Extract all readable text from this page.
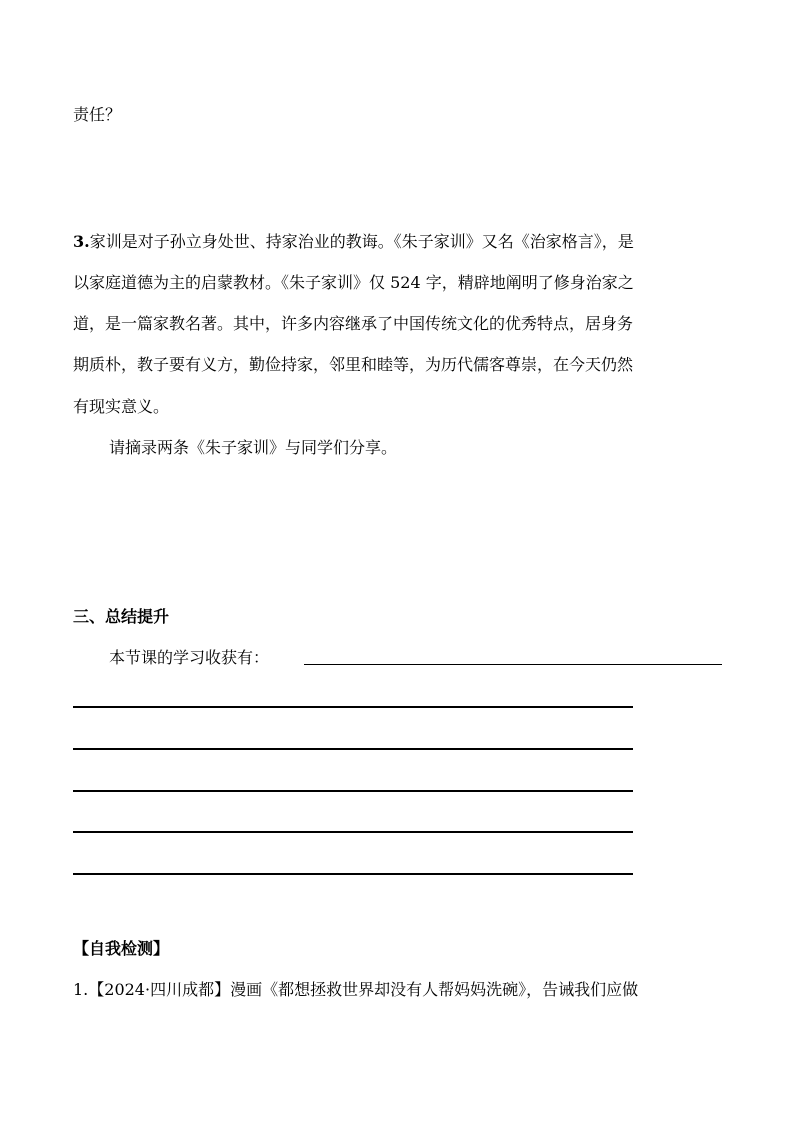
责任？
3.家训是对子孙立身处世、持家治业的教诲。《朱子家训》又名《治家格言》，是
以家庭道德为主的启蒙教材。《朱子家训》仅 524 字，精辟地阐明了修身治家之
道，是一篇家教名著。其中，许多内容继承了中国传统文化的优秀特点，居身务
期质朴，教子要有义方，勤俭持家，邻里和睦等，为历代儒客尊崇，在今天仍然
有现实意义。
请摘录两条《朱子家训》与同学们分享。
三、总结提升
本节课的学习收获有：
【自我检测】
1.【2024·四川成都】漫画《都想拯救世界却没有人帮妈妈洗碗》，告诫我们应做
